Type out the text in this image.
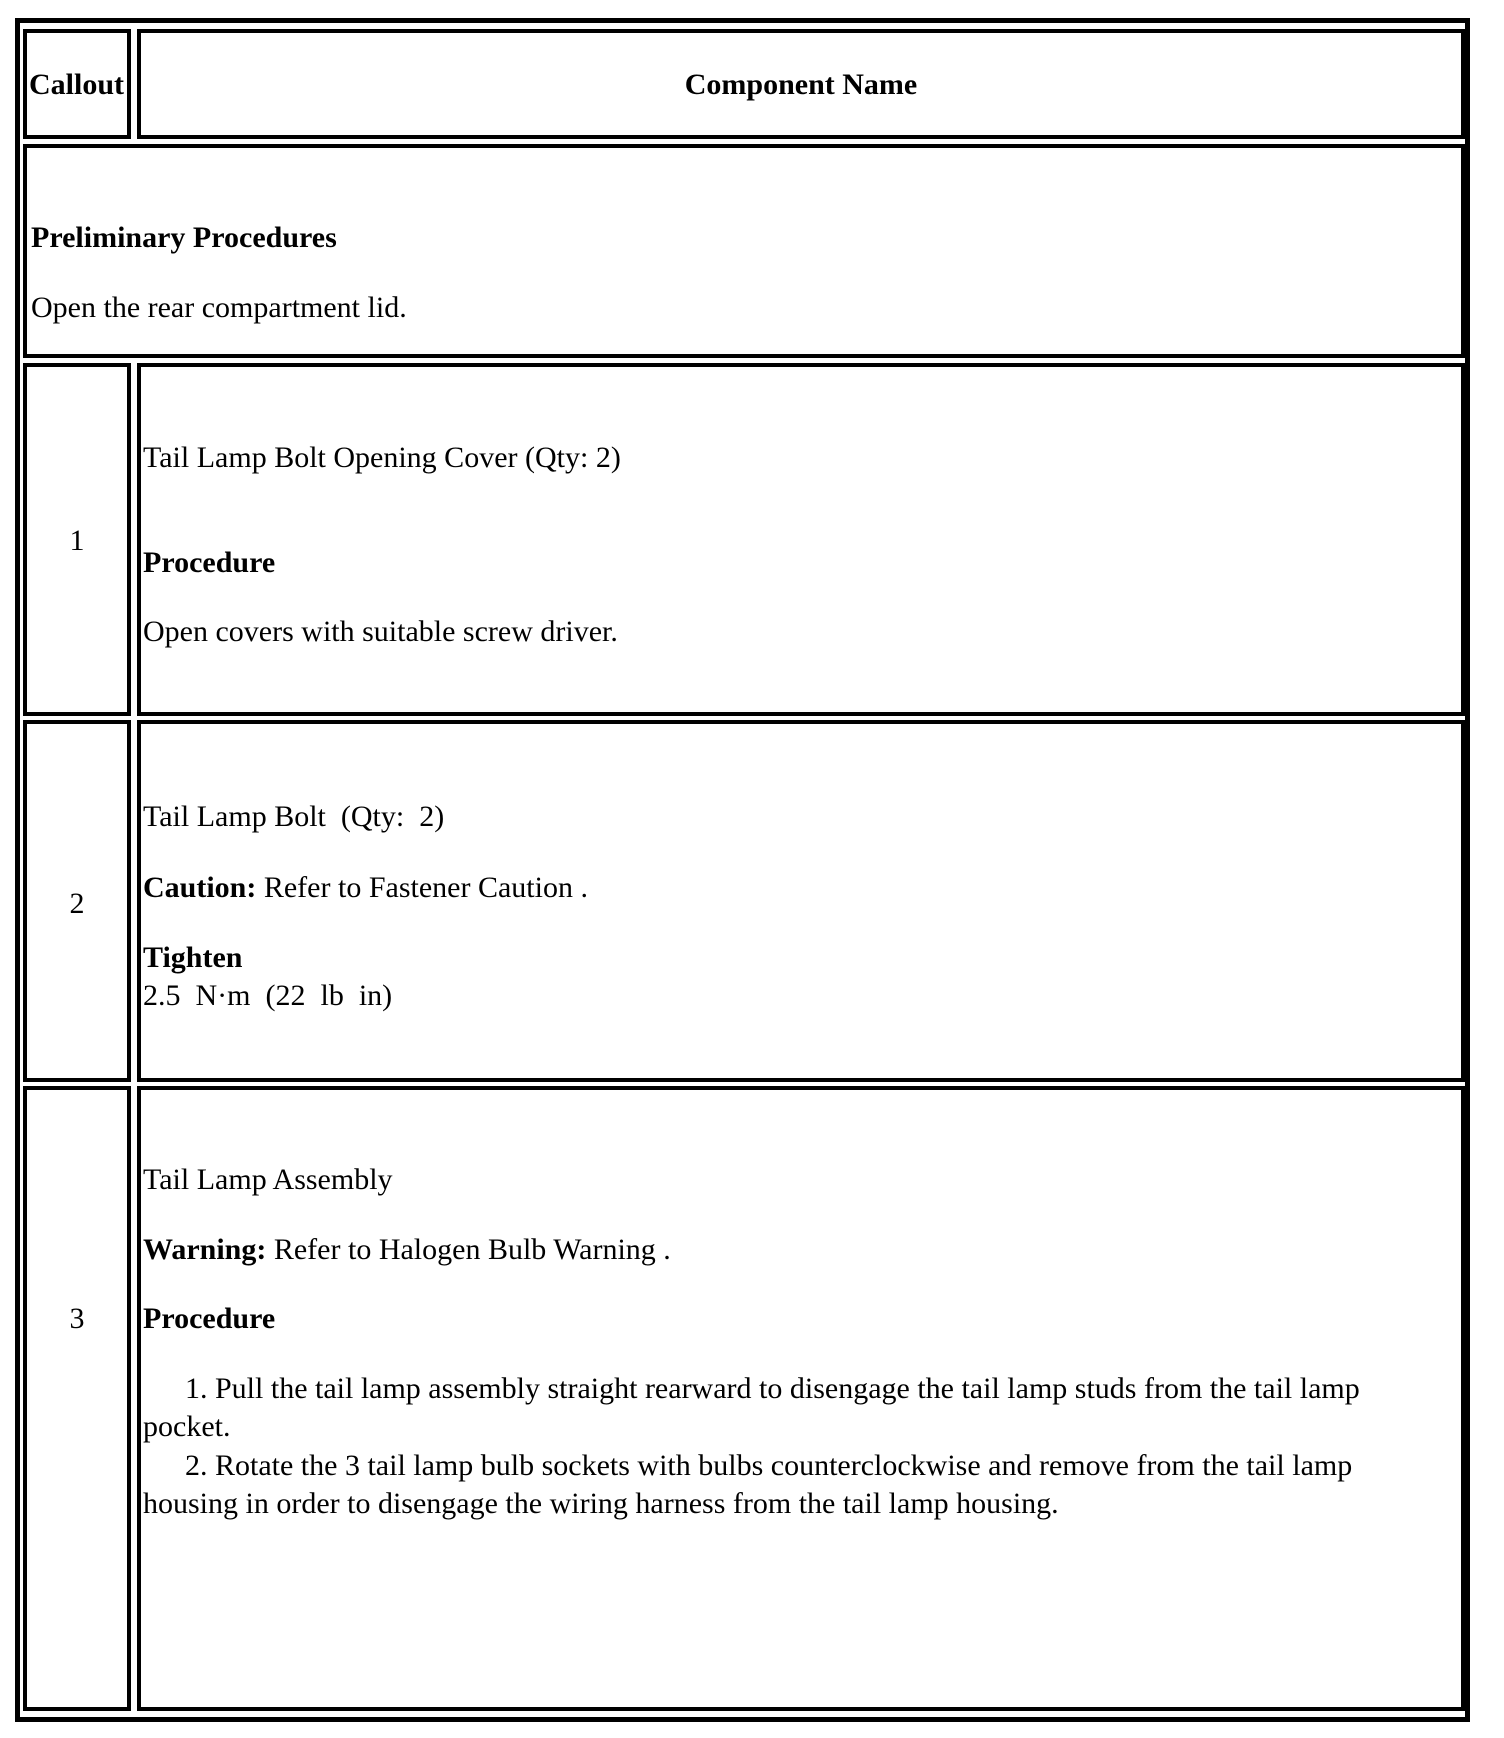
Callout	Component Name
Preliminary Procedures
Open the rear compartment lid.
1
Tail Lamp Bolt Opening Cover (Qty: 2)
Procedure
Open covers with suitable screw driver.
2
Tail Lamp Bolt  (Qty:  2)
Caution: Refer to Fastener Caution .
Tighten
2.5  N·m  (22  lb  in)
3
Tail Lamp Assembly
Warning: Refer to Halogen Bulb Warning .
Procedure
1. Pull the tail lamp assembly straight rearward to disengage the tail lamp studs from the tail lamp pocket.
2. Rotate the 3 tail lamp bulb sockets with bulbs counterclockwise and remove from the tail lamp housing in order to disengage the wiring harness from the tail lamp housing.
